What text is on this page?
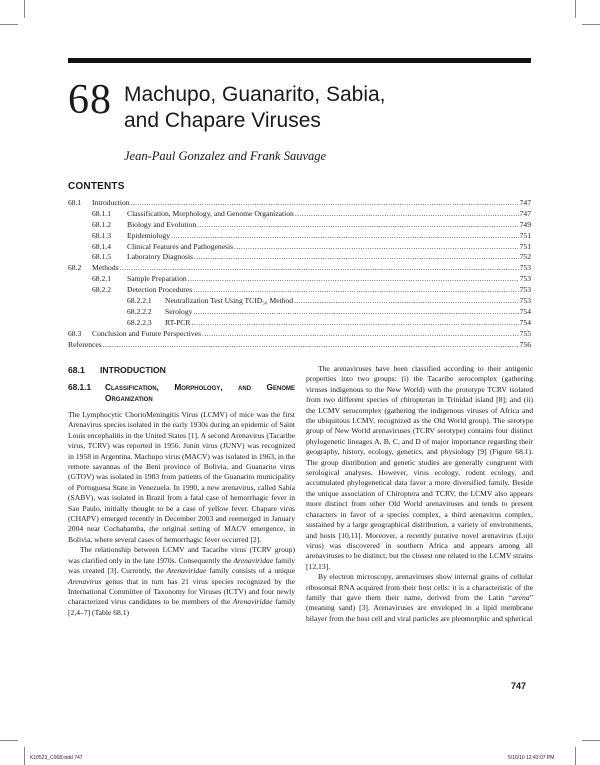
68 Machupo, Guanarito, Sabia,
and Chapare Viruses
Jean-Paul Gonzalez and Frank Sauvage
CONTENTS
68.1	Introduction .....	747
68.1.1	Classification, Morphology, and Genome Organization .....	747
68.1.2	Biology and Evolution .....	749
68.1.3	Epidemiology .....	751
68.1.4	Clinical Features and Pathogenesis .....	751
68.1.5	Laboratory Diagnosis .....	752
68.2	Methods .....	753
68.2.1	Sample Preparation .....	753
68.2.2	Detection Procedures .....	753
68.2.2.1	Neutralization Test Using TCID₅₀ Method .....	753
68.2.2.2	Serology .....	754
68.2.2.3	RT-PCR .....	754
68.3	Conclusion and Future Perspectives .....	755
References .....	756
68.1 INTRODUCTION
68.1.1	Classification, Morphology, and Genome Organization

The Lymphocytic ChorioMeningitis Virus (LCMV) of mice was the first Arenavirus species isolated in the early 1930s during an epidemic of Saint Louis encephalitis in the United States [1]. A second Arenavirus (Tacaribe virus, TCRV) was reported in 1956. Junín virus (JUNV) was recognized in 1958 in Argentina. Machupo virus (MACV) was isolated in 1963, in the remote savannas of the Beni province of Bolivia, and Guanarito virus (GTOV) was isolated in 1983 from patients of the Guanarito municipality of Portuguesa State in Venezuela. In 1990, a new arenavirus, called Sabia (SABV), was isolated in Brazil from a fatal case of hemorrhagic fever in Sao Paulo, initially thought to be a case of yellow fever. Chapare virus (CHAPV) emerged recently in December 2003 and reemerged in January 2004 near Cochabamba, the original setting of MACV emergence, in Bolivia, where several cases of hemorrhagic fever occurred [2].

The relationship between LCMV and Tacaribe virus (TCRV group) was clarified only in the late 1970s. Consequently the Arenaviridae family was created [3]. Currently, the Arenaviridae family consists of a unique Arenavirus genus that in turn has 21 virus species recognized by the International Committee of Taxonomy for Viruses (ICTV) and four newly characterized virus candidates to be members of the Arenaviridae family [2,4–7] (Table 68.1)

The arenaviruses have been classified according to their antigenic properties into two groups: (i) the Tacaribe serocomplex (gathering viruses indigenous to the New World) with the prototype TCRV isolated from two different species of chiropteran in Trinidad island [8]; and (ii) the LCMV serocomplex (gathering the indigenous viruses of Africa and the ubiquitous LCMV, recognized as the Old World group). The serotype group of New World arenaviruses (TCRV serotype) contains four distinct phylogenetic lineages A, B, C, and D of major importance regarding their geography, history, ecology, genetics, and physiology [9] (Figure 68.1). The group distribution and genetic studies are generally congruent with serological analyses. However, virus ecology, rodent ecology, and accumulated phylogenetical data favor a more diversified family. Beside the unique association of Chiroptera and TCRV, the LCMV also appears more distinct from other Old World arenaviruses and tends to present characters in favor of a species complex, a third arenavirus complex, sustained by a large geographical distribution, a variety of environments, and hosts [10,11]. Moreover, a recently putative novel arenavirus (Lujo virus) was discovered in southern Africa and appears among all arenaviruses to be distinct, but the closest one related to the LCMV strains [12,13].

By electron microscopy, arenaviruses show internal grains of cellular ribosomal RNA acquired from their host cells: it is a characteristic of the family that gave them their name, derived from the Latin “arena” (meaning sand) [3]. Arenaviruses are enveloped in a lipid membrane bilayer from the host cell and viral particles are pleomorphic and spherical

747
K10523_C068.indd 747	5/16/10 12:43:07 PM
